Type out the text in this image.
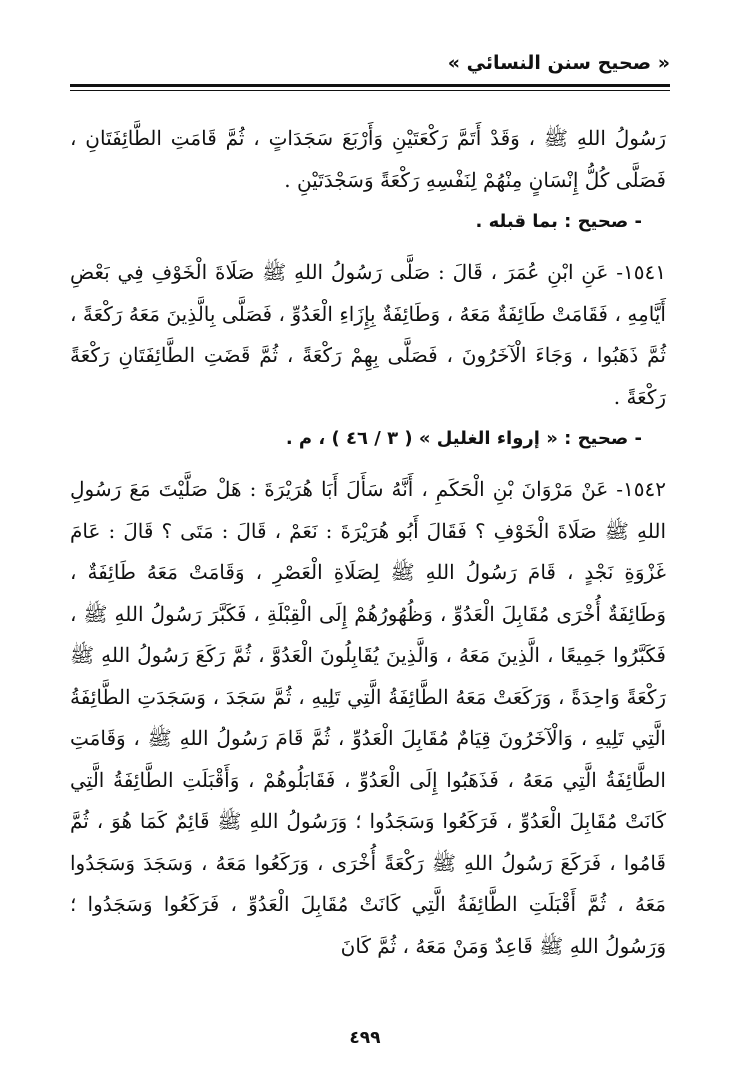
« صحيح سنن النسائي »

رَسُولُ اللهِ ﷺ ، وَقَدْ أَتَمَّ رَكْعَتَيْنِ وَأَرْبَعَ سَجَدَاتٍ ، ثُمَّ قَامَتِ الطَّائِفَتَانِ ، فَصَلَّى كُلُّ إِنْسَانٍ مِنْهُمْ لِنَفْسِهِ رَكْعَةً وَسَجْدَتَيْنِ .

- صحيح : بما قبله .

١٥٤١- عَنِ ابْنِ عُمَرَ ، قَالَ : صَلَّى رَسُولُ اللهِ ﷺ صَلَاةَ الْخَوْفِ فِي بَعْضِ أَيَّامِهِ ، فَقَامَتْ طَائِفَةٌ مَعَهُ ، وَطَائِفَةٌ بِإِزَاءِ الْعَدُوِّ ، فَصَلَّى بِالَّذِينَ مَعَهُ رَكْعَةً ، ثُمَّ ذَهَبُوا ، وَجَاءَ الْآخَرُونَ ، فَصَلَّى بِهِمْ رَكْعَةً ، ثُمَّ قَضَتِ الطَّائِفَتَانِ رَكْعَةً رَكْعَةً .

- صحيح : « إرواء الغليل » ( ٣ / ٤٦ ) ، م .

١٥٤٢- عَنْ مَرْوَانَ بْنِ الْحَكَمِ ، أَنَّهُ سَأَلَ أَبَا هُرَيْرَةَ : هَلْ صَلَّيْتَ مَعَ رَسُولِ اللهِ ﷺ صَلَاةَ الْخَوْفِ ؟ فَقَالَ أَبُو هُرَيْرَةَ : نَعَمْ ، قَالَ : مَتَى ؟ قَالَ : عَامَ غَزْوَةِ نَجْدٍ ، قَامَ رَسُولُ اللهِ ﷺ لِصَلَاةِ الْعَصْرِ ، وَقَامَتْ مَعَهُ طَائِفَةٌ ، وَطَائِفَةٌ أُخْرَى مُقَابِلَ الْعَدُوِّ ، وَظُهُورُهُمْ إِلَى الْقِبْلَةِ ، فَكَبَّرَ رَسُولُ اللهِ ﷺ ، فَكَبَّرُوا جَمِيعًا ، الَّذِينَ مَعَهُ ، وَالَّذِينَ يُقَابِلُونَ الْعَدُوَّ ، ثُمَّ رَكَعَ رَسُولُ اللهِ ﷺ رَكْعَةً وَاحِدَةً ، وَرَكَعَتْ مَعَهُ الطَّائِفَةُ الَّتِي تَلِيهِ ، ثُمَّ سَجَدَ ، وَسَجَدَتِ الطَّائِفَةُ الَّتِي تَلِيهِ ، وَالْآخَرُونَ قِيَامٌ مُقَابِلَ الْعَدُوِّ ، ثُمَّ قَامَ رَسُولُ اللهِ ﷺ ، وَقَامَتِ الطَّائِفَةُ الَّتِي مَعَهُ ، فَذَهَبُوا إِلَى الْعَدُوِّ ، فَقَابَلُوهُمْ ، وَأَقْبَلَتِ الطَّائِفَةُ الَّتِي كَانَتْ مُقَابِلَ الْعَدُوِّ ، فَرَكَعُوا وَسَجَدُوا ؛ وَرَسُولُ اللهِ ﷺ قَائِمٌ كَمَا هُوَ ، ثُمَّ قَامُوا ، فَرَكَعَ رَسُولُ اللهِ ﷺ رَكْعَةً أُخْرَى ، وَرَكَعُوا مَعَهُ ، وَسَجَدَ وَسَجَدُوا مَعَهُ ، ثُمَّ أَقْبَلَتِ الطَّائِفَةُ الَّتِي كَانَتْ مُقَابِلَ الْعَدُوِّ ، فَرَكَعُوا وَسَجَدُوا ؛ وَرَسُولُ اللهِ ﷺ قَاعِدٌ وَمَنْ مَعَهُ ، ثُمَّ كَانَ

٤٩٩
